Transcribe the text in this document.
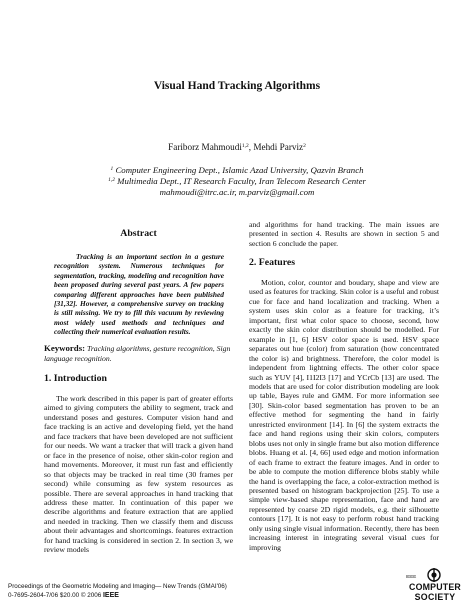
Visual Hand Tracking Algorithms
Fariborz Mahmoudi$^{1,2}$, Mehdi Parviz$^2$
$^1$ Computer Engineering Dept., Islamic Azad University, Qazvin Branch
$^{1,2}$ Multimedia Dept., IT Research Faculty, Iran Telecom Research Center
mahmoudi@itrc.ac.ir, m.parviz@gmail.com
Abstract

Tracking is an important section in a gesture recognition system. Numerous techniques for segmentation, tracking, modeling and recognition have been proposed during several past years. A few papers comparing different approaches have been published [31,32]. However, a comprehensive survey on tracking is still missing. We try to fill this vacuum by reviewing most widely used methods and techniques and collecting their numerical evaluation results.

Keywords: Tracking algorithms, gesture recognition, Sign language recognition.
1. Introduction

The work described in this paper is part of greater efforts aimed to giving computers the ability to segment, track and understand poses and gestures. Computer vision hand and face tracking is an active and developing field, yet the hand and face trackers that have been developed are not sufficient for our needs. We want a tracker that will track a given hand or face in the presence of noise, other skin-color region and hand movements. Moreover, it must run fast and efficiently so that objects may be tracked in real time (30 frames per second) while consuming as few system resources as possible. There are several approaches in hand tracking that address these matter. In continuation of this paper we describe algorithms and feature extraction that are applied and needed in tracking. Then we classify them and discuss about their advantages and shortcomings. features extraction for hand tracking is considered in section 2. In section 3, we review models

and algorithms for hand tracking. The main issues are presented in section 4. Results are shown in section 5 and section 6 conclude the paper.

2. Features

Motion, color, countor and boudary, shape and view are used as features for tracking. Skin color is a useful and robust cue for face and hand localization and tracking. When a system uses skin color as a feature for tracking, it’s important, first what color space to choose, second, how exactly the skin color distribution should be modelled. For example in [1, 6] HSV color space is used. HSV space separates out hue (color) from saturation (how concentrated the color is) and brightness. Therefore, the color model is independent from lightning effects. The other color space such as YUV [4], I1I2I3 [17] and YCrCb [13] are used. The models that are used for color distribution modeling are look up table, Bayes rule and GMM. For more information see [30]. Skin-color based segmentation has proven to be an effective method for segmenting the hand in fairly unrestricted environment [14]. In [6] the system extracts the face and hand regions using their skin colors, computers blobs uses not only in single frame but also motion difference blobs. Huang et al. [4, 66] used edge and motion information of each frame to extract the feature images. And in order to be able to compute the motion difference blobs stably while the hand is overlapping the face, a color-extraction method is presented based on histogram backprojection [25]. To use a simple view-based shape representation, face and hand are represented by coarse 2D rigid models, e.g. their silhouette contours [17]. It is not easy to perform robust hand tracking only using single visual information. Recently, there has been increasing interest in integrating several visual cues for improving

Proceedings of the Geometric Modeling and Imaging— New Trends (GMAI'06)
0-7695-2604-7/06 $20.00 © 2006 IEEE
IEEE
COMPUTER
SOCIETY
